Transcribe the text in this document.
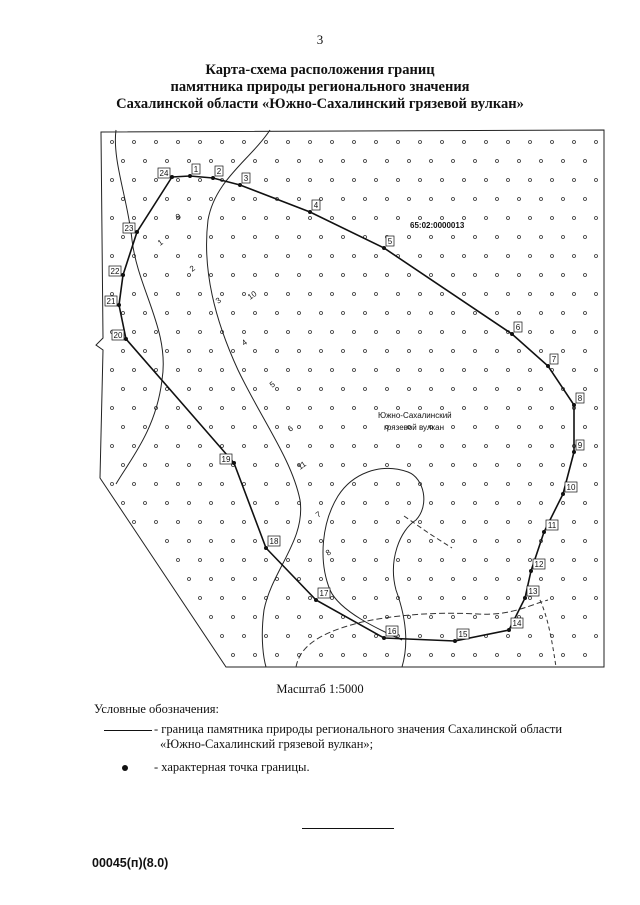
3
Карта-схема расположения границ
памятника природы регионального значения
Сахалинской области «Южно-Сахалинский грязевой вулкан»
1 2
3
4
5
6
7
8
9
10
11
12
13
14
15
16
17
18
19
20
21
22
23
24
65:02:0000013
Южно-Сахалинский
грязевой вулкан
1
2
3
4
5
6
7
8
9
10
11
Масштаб 1:5000
Условные обозначения:
- граница памятника природы регионального значения Сахалинской области
«Южно-Сахалинский грязевой вулкан»;
- характерная точка границы.
00045(п)(8.0)
